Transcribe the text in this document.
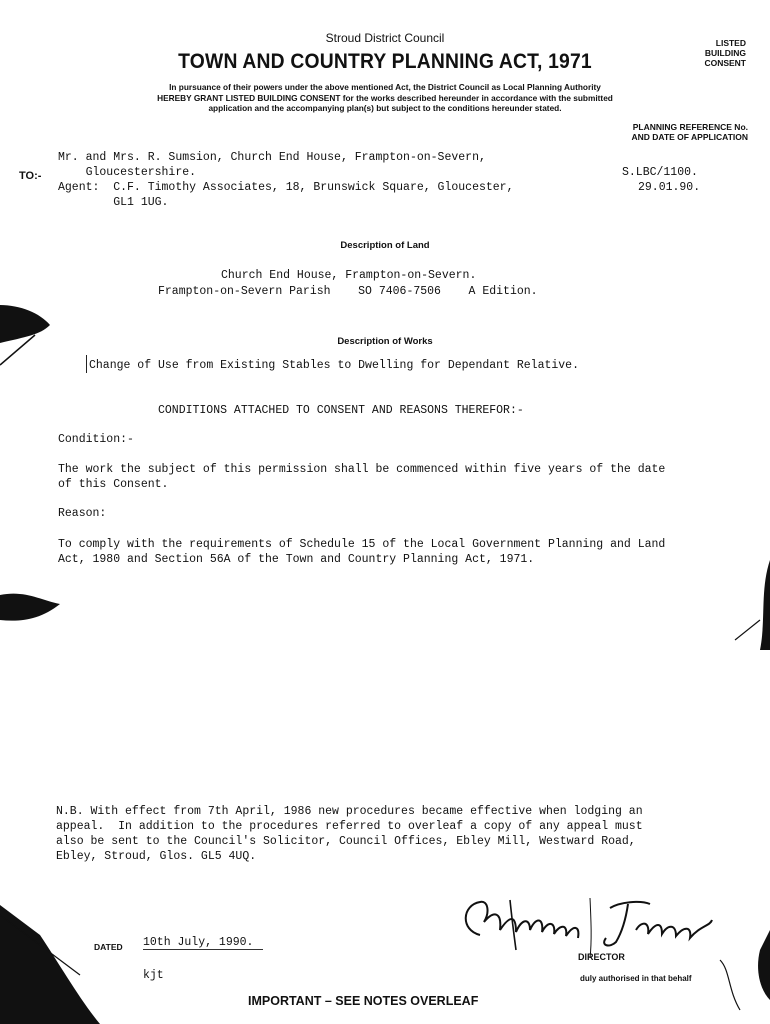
Stroud District Council
TOWN AND COUNTRY PLANNING ACT, 1971
LISTED
BUILDING
CONSENT
In pursuance of their powers under the above mentioned Act, the District Council as Local Planning Authority
HEREBY GRANT LISTED BUILDING CONSENT for the works described hereunder in accordance with the submitted
application and the accompanying plan(s) but subject to the conditions hereunder stated.
PLANNING REFERENCE No.
AND DATE OF APPLICATION
TO:-
Mr. and Mrs. R. Sumsion, Church End House, Frampton-on-Severn,
Gloucestershire.
Agent:  C.F. Timothy Associates, 18, Brunswick Square, Gloucester,
GL1 1UG.
S.LBC/1100.
29.01.90.
Description of Land
Church End House, Frampton-on-Severn.
Frampton-on-Severn Parish    SO 7406-7506    A Edition.
Description of Works
Change of Use from Existing Stables to Dwelling for Dependant Relative.
CONDITIONS ATTACHED TO CONSENT AND REASONS THEREFOR:-
Condition:-
The work the subject of this permission shall be commenced within five years of the date
of this Consent.
Reason:
To comply with the requirements of Schedule 15 of the Local Government Planning and Land
Act, 1980 and Section 56A of the Town and Country Planning Act, 1971.
N.B. With effect from 7th April, 1986 new procedures became effective when lodging an
appeal.  In addition to the procedures referred to overleaf a copy of any appeal must
also be sent to the Council's Solicitor, Council Offices, Ebley Mill, Westward Road,
Ebley, Stroud, Glos. GL5 4UQ.
DATED 10th July, 1990.
kjt
DIRECTOR
duly authorised in that behalf
IMPORTANT – SEE NOTES OVERLEAF
